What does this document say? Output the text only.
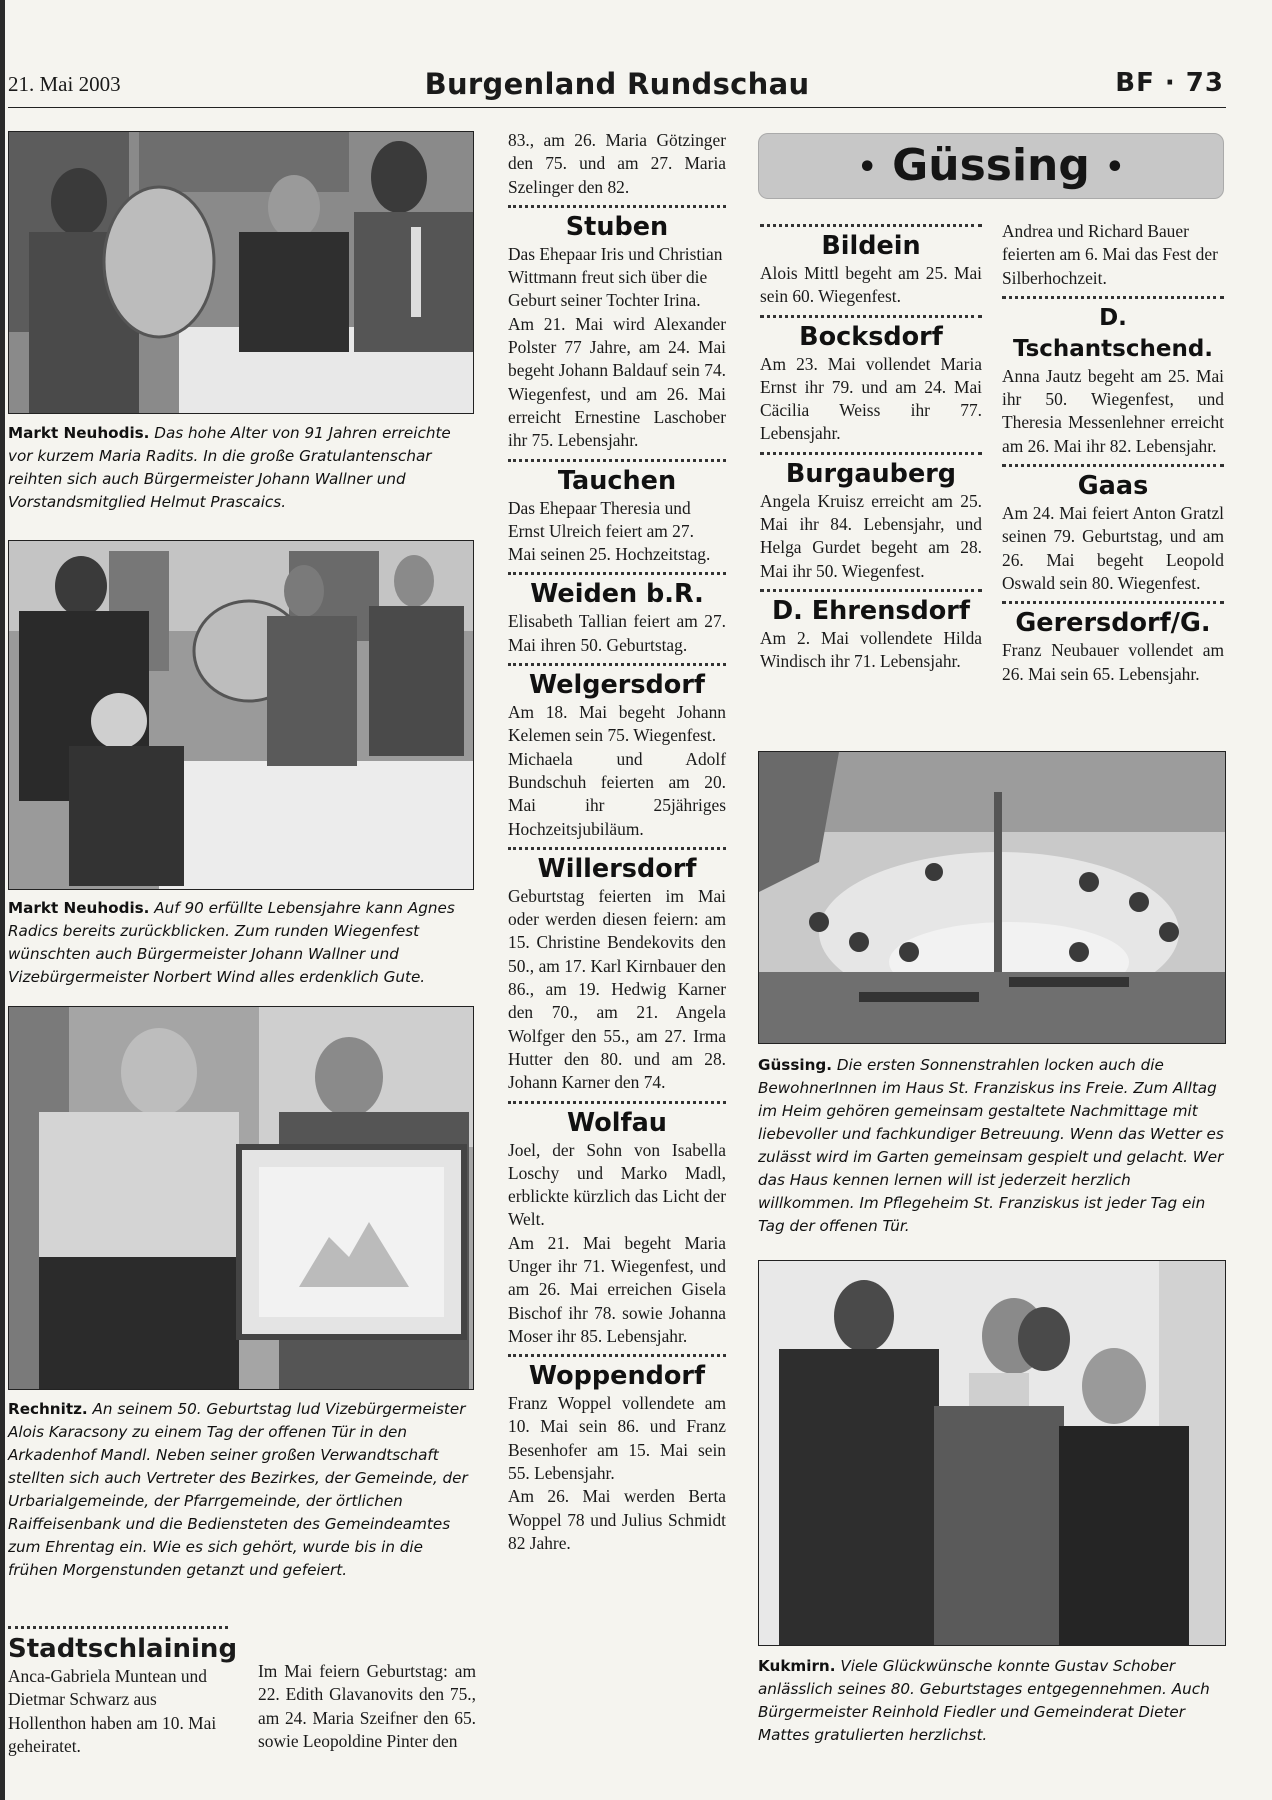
21. Mai 2003	Burgenland Rundschau	BF · 73
Markt Neuhodis. Das hohe Alter von 91 Jahren erreichte vor kurzem Maria Radits. In die große Gratulantenschar reihten sich auch Bürgermeister Johann Wallner und Vorstandsmitglied Helmut Prascaics.
Markt Neuhodis. Auf 90 erfüllte Lebensjahre kann Agnes Radics bereits zurückblicken. Zum runden Wiegenfest wünschten auch Bürgermeister Johann Wallner und Vizebürgermeister Norbert Wind alles erdenklich Gute.
Rechnitz. An seinem 50. Geburtstag lud Vizebürgermeister Alois Karacsony zu einem Tag der offenen Tür in den Arkadenhof Mandl. Neben seiner großen Verwandtschaft stellten sich auch Vertreter des Bezirkes, der Gemeinde, der Urbarialgemeinde, der Pfarrgemeinde, der örtlichen Raiffeisenbank und die Bediensteten des Gemeindeamtes zum Ehrentag ein. Wie es sich gehört, wurde bis in die frühen Morgenstunden getanzt und gefeiert.
Stadtschlaining

Anca-Gabriela Muntean und Dietmar Schwarz aus Hollenthon haben am 10. Mai geheiratet.

Im Mai feiern Geburtstag: am 22. Edith Glavanovits den 75., am 24. Maria Szeifner den 65. sowie Leopoldine Pinter den

83., am 26. Maria Götzinger den 75. und am 27. Maria Szelinger den 82.

Stuben

Das Ehepaar Iris und Christian Wittmann freut sich über die Geburt seiner Tochter Irina.

Am 21. Mai wird Alexander Polster 77 Jahre, am 24. Mai begeht Johann Baldauf sein 74. Wiegenfest, und am 26. Mai erreicht Ernestine Laschober ihr 75. Lebensjahr.

Tauchen

Das Ehepaar Theresia und Ernst Ulreich feiert am 27. Mai seinen 25. Hochzeitstag.

Weiden b.R.

Elisabeth Tallian feiert am 27. Mai ihren 50. Geburtstag.

Welgersdorf

Am 18. Mai begeht Johann Kelemen sein 75. Wiegenfest.

Michaela und Adolf Bundschuh feierten am 20. Mai ihr 25jähriges Hochzeitsjubiläum.

Willersdorf

Geburtstag feierten im Mai oder werden diesen feiern: am 15. Christine Bendekovits den 50., am 17. Karl Kirnbauer den 86., am 19. Hedwig Karner den 70., am 21. Angela Wolfger den 55., am 27. Irma Hutter den 80. und am 28. Johann Karner den 74.

Wolfau

Joel, der Sohn von Isabella Loschy und Marko Madl, erblickte kürzlich das Licht der Welt.

Am 21. Mai begeht Maria Unger ihr 71. Wiegenfest, und am 26. Mai erreichen Gisela Bischof ihr 78. sowie Johanna Moser ihr 85. Lebensjahr.

Woppendorf

Franz Woppel vollendete am 10. Mai sein 86. und Franz Besenhofer am 15. Mai sein 55. Lebensjahr.

Am 26. Mai werden Berta Woppel 78 und Julius Schmidt 82 Jahre.

• Güssing •
Bildein

Alois Mittl begeht am 25. Mai sein 60. Wiegenfest.

Bocksdorf

Am 23. Mai vollendet Maria Ernst ihr 79. und am 24. Mai Cäcilia Weiss ihr 77. Lebensjahr.

Burgauberg

Angela Kruisz erreicht am 25. Mai ihr 84. Lebensjahr, und Helga Gurdet begeht am 28. Mai ihr 50. Wiegenfest.

D. Ehrensdorf

Am 2. Mai vollendete Hilda Windisch ihr 71. Lebensjahr.

Andrea und Richard Bauer feierten am 6. Mai das Fest der Silberhochzeit.

D. Tschantschend.

Anna Jautz begeht am 25. Mai ihr 50. Wiegenfest, und Theresia Messenlehner erreicht am 26. Mai ihr 82. Lebensjahr.

Gaas

Am 24. Mai feiert Anton Gratzl seinen 79. Geburtstag, und am 26. Mai begeht Leopold Oswald sein 80. Wiegenfest.

Gerersdorf/G.

Franz Neubauer vollendet am 26. Mai sein 65. Lebensjahr.

Güssing. Die ersten Sonnenstrahlen locken auch die BewohnerInnen im Haus St. Franziskus ins Freie. Zum Alltag im Heim gehören gemeinsam gestaltete Nachmittage mit liebevoller und fachkundiger Betreuung. Wenn das Wetter es zulässt wird im Garten gemeinsam gespielt und gelacht. Wer das Haus kennen lernen will ist jederzeit herzlich willkommen. Im Pflegeheim St. Franziskus ist jeder Tag ein Tag der offenen Tür.
Kukmirn. Viele Glückwünsche konnte Gustav Schober anlässlich seines 80. Geburtstages entgegennehmen. Auch Bürgermeister Reinhold Fiedler und Gemeinderat Dieter Mattes gratulierten herzlichst.
